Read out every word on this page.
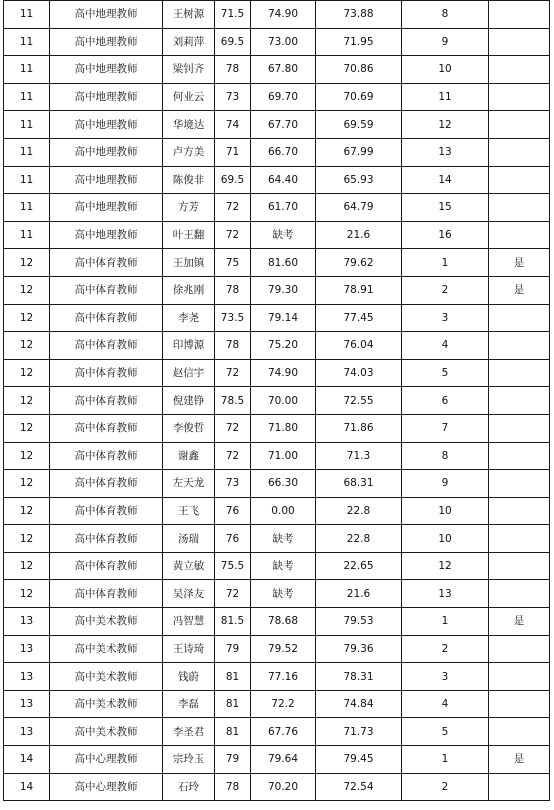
11	高中地理教师	王树源	71.5	74.90	73.88	8	
11	高中地理教师	刘莉萍	69.5	73.00	71.95	9	
11	高中地理教师	梁钊齐	78	67.80	70.86	10	
11	高中地理教师	何业云	73	69.70	70.69	11	
11	高中地理教师	华境达	74	67.70	69.59	12	
11	高中地理教师	卢方美	71	66.70	67.99	13	
11	高中地理教师	陈俊非	69.5	64.40	65.93	14	
11	高中地理教师	方芳	72	61.70	64.79	15	
11	高中地理教师	叶王翻	72	缺考	21.6	16	
12	高中体育教师	王加镇	75	81.60	79.62	1	是
12	高中体育教师	徐兆刚	78	79.30	78.91	2	是
12	高中体育教师	李尧	73.5	79.14	77.45	3	
12	高中体育教师	印博源	78	75.20	76.04	4	
12	高中体育教师	赵信宇	72	74.90	74.03	5	
12	高中体育教师	倪建铮	78.5	70.00	72.55	6	
12	高中体育教师	李俊哲	72	71.80	71.86	7	
12	高中体育教师	谢鑫	72	71.00	71.3	8	
12	高中体育教师	左天龙	73	66.30	68.31	9	
12	高中体育教师	王飞	76	0.00	22.8	10	
12	高中体育教师	汤瑞	76	缺考	22.8	10	
12	高中体育教师	黄立敏	75.5	缺考	22.65	12	
12	高中体育教师	吴泽友	72	缺考	21.6	13	
13	高中美术教师	冯智慧	81.5	78.68	79.53	1	是
13	高中美术教师	王诗琦	79	79.52	79.36	2	
13	高中美术教师	钱蔚	81	77.16	78.31	3	
13	高中美术教师	李磊	81	72.2	74.84	4	
13	高中美术教师	李圣君	81	67.76	71.73	5	
14	高中心理教师	宗玲玉	79	79.64	79.45	1	是
14	高中心理教师	石玲	78	70.20	72.54	2	
